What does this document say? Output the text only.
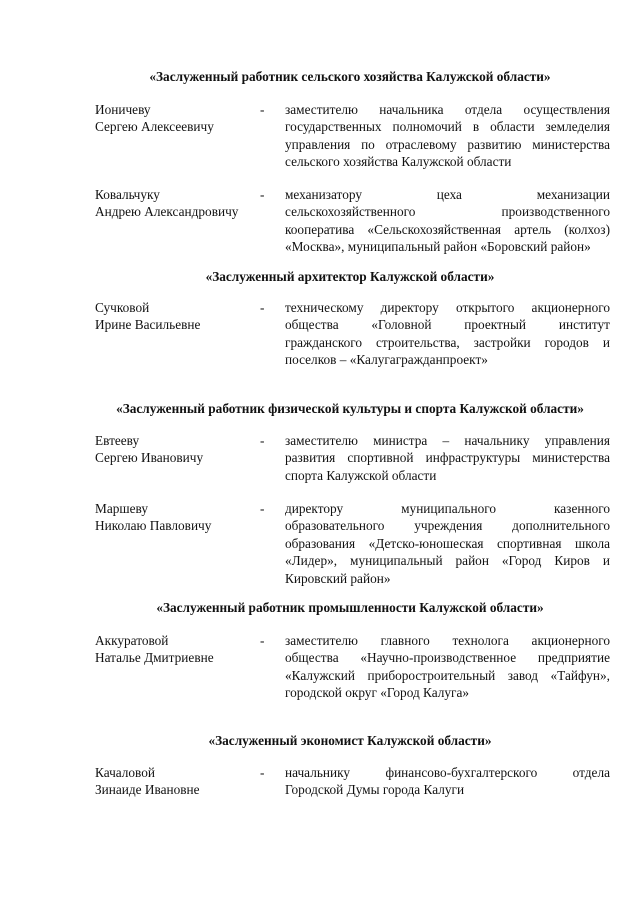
«Заслуженный работник сельского хозяйства Калужской области»
Ионичеву
Сергею Алексеевичу
- заместителю начальника отдела осуществления
государственных полномочий в области земледелия
управления по отраслевому развитию министерства
сельского хозяйства Калужской области
Ковальчуку
Андрею Александровичу
- механизатору цеха механизации
сельскохозяйственного производственного
кооператива «Сельскохозяйственная артель (колхоз)
«Москва», муниципальный район «Боровский район»
«Заслуженный архитектор Калужской области»
Сучковой
Ирине Васильевне
- техническому директору открытого акционерного
общества «Головной проектный институт
гражданского строительства, застройки городов и
поселков – «Калугагражданпроект»
«Заслуженный работник физической культуры и спорта Калужской области»
Евтееву
Сергею Ивановичу
- заместителю министра – начальнику управления
развития спортивной инфраструктуры министерства
спорта Калужской области
Маршеву
Николаю Павловичу
- директору муниципального казенного
образовательного учреждения дополнительного
образования «Детско-юношеская спортивная школа
«Лидер», муниципальный район «Город Киров и
Кировский район»
«Заслуженный работник промышленности Калужской области»
Аккуратовой
Наталье Дмитриевне
- заместителю главного технолога акционерного
общества «Научно-производственное предприятие
«Калужский приборостроительный завод «Тайфун»,
городской округ «Город Калуга»
«Заслуженный экономист Калужской области»
Качаловой
Зинаиде Ивановне
- начальнику финансово-бухгалтерского отдела
Городской Думы города Калуги
